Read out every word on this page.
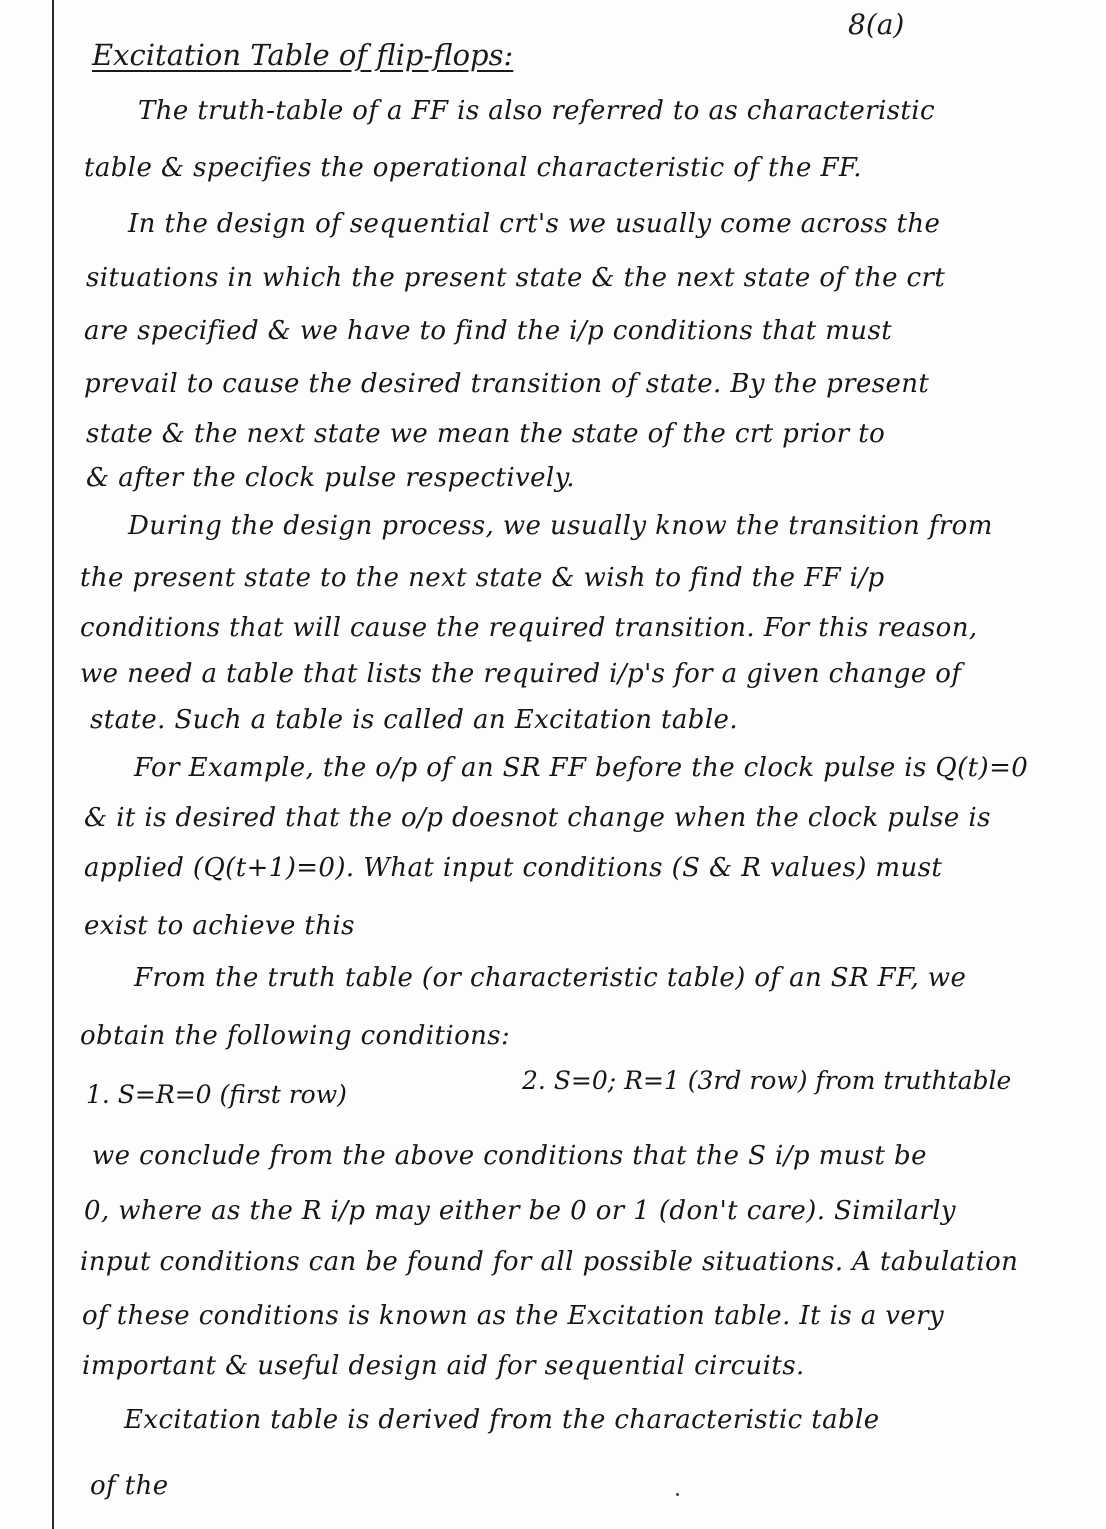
8(a)
Excitation Table of flip-flops:
The truth-table of a FF is also referred to as characteristic
table & specifies the operational characteristic of the FF.
In the design of sequential crt's we usually come across the
situations in which the present state & the next state of the crt
are specified & we have to find the i/p conditions that must
prevail to cause the desired transition of state. By the present
state & the next state we mean the state of the crt prior to
& after the clock pulse respectively.
During the design process, we usually know the transition from
the present state to the next state & wish to find the FF i/p
conditions that will cause the required transition. For this reason,
we need a table that lists the required i/p's for a given change of
state. Such a table is called an Excitation table.
For Example, the o/p of an SR FF before the clock pulse is Q(t)=0
& it is desired that the o/p doesnot change when the clock pulse is
applied (Q(t+1)=0). What input conditions (S & R values) must
exist to achieve this
From the truth table (or characteristic table) of an SR FF, we
obtain the following conditions:
1. S=R=0 (first row)	2. S=0; R=1 (3rd row) from truthtable
we conclude from the above conditions that the S i/p must be
0, where as the R i/p may either be 0 or 1 (don't care). Similarly
input conditions can be found for all possible situations. A tabulation
of these conditions is known as the Excitation table. It is a very
important & useful design aid for sequential circuits.
Excitation table is derived from the characteristic table
of the
